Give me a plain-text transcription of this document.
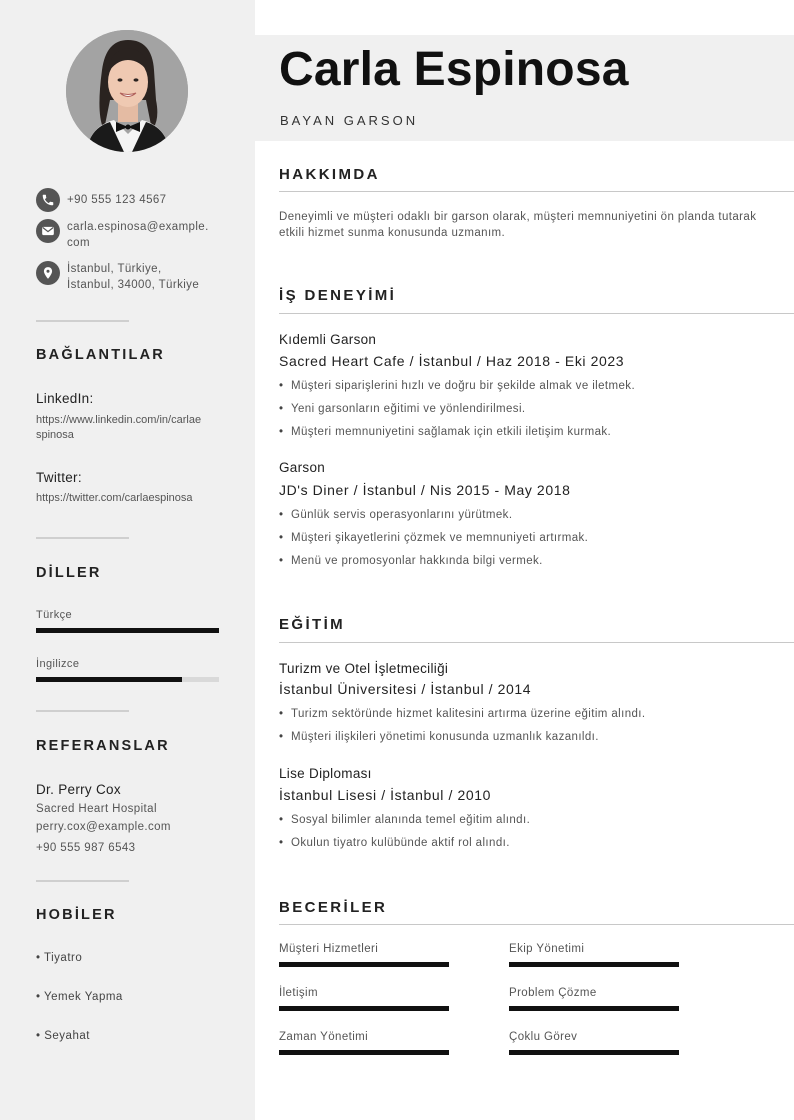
+90 555 123 4567
carla.espinosa@example.
com
İstanbul, Türkiye,
İstanbul, 34000, Türkiye
BAĞLANTILAR
LinkedIn:
https://www.linkedin.com/in/carlae
spinosa
Twitter:
https://twitter.com/carlaespinosa
DİLLER
Türkçe
İngilizce
REFERANSLAR
Dr. Perry Cox
Sacred Heart Hospital
perry.cox@example.com
+90 555 987 6543
HOBİLER
• Tiyatro
• Yemek Yapma
• Seyahat
Carla Espinosa
BAYAN GARSON
HAKKIMDA
Deneyimli ve müşteri odaklı bir garson olarak, müşteri memnuniyetini ön planda tutarak etkili hizmet sunma konusunda uzmanım.
İŞ DENEYİMİ
Kıdemli Garson
Sacred Heart Cafe / İstanbul / Haz 2018 - Eki 2023
• Müşteri siparişlerini hızlı ve doğru bir şekilde almak ve iletmek.
• Yeni garsonların eğitimi ve yönlendirilmesi.
• Müşteri memnuniyetini sağlamak için etkili iletişim kurmak.
Garson
JD's Diner / İstanbul / Nis 2015 - May 2018
• Günlük servis operasyonlarını yürütmek.
• Müşteri şikayetlerini çözmek ve memnuniyeti artırmak.
• Menü ve promosyonlar hakkında bilgi vermek.
EĞİTİM
Turizm ve Otel İşletmeciliği
İstanbul Üniversitesi / İstanbul / 2014
• Turizm sektöründe hizmet kalitesini artırma üzerine eğitim alındı.
• Müşteri ilişkileri yönetimi konusunda uzmanlık kazanıldı.
Lise Diploması
İstanbul Lisesi / İstanbul / 2010
• Sosyal bilimler alanında temel eğitim alındı.
• Okulun tiyatro kulübünde aktif rol alındı.
BECERİLER
Müşteri Hizmetleri	Ekip Yönetimi
İletişim	Problem Çözme
Zaman Yönetimi	Çoklu Görev
